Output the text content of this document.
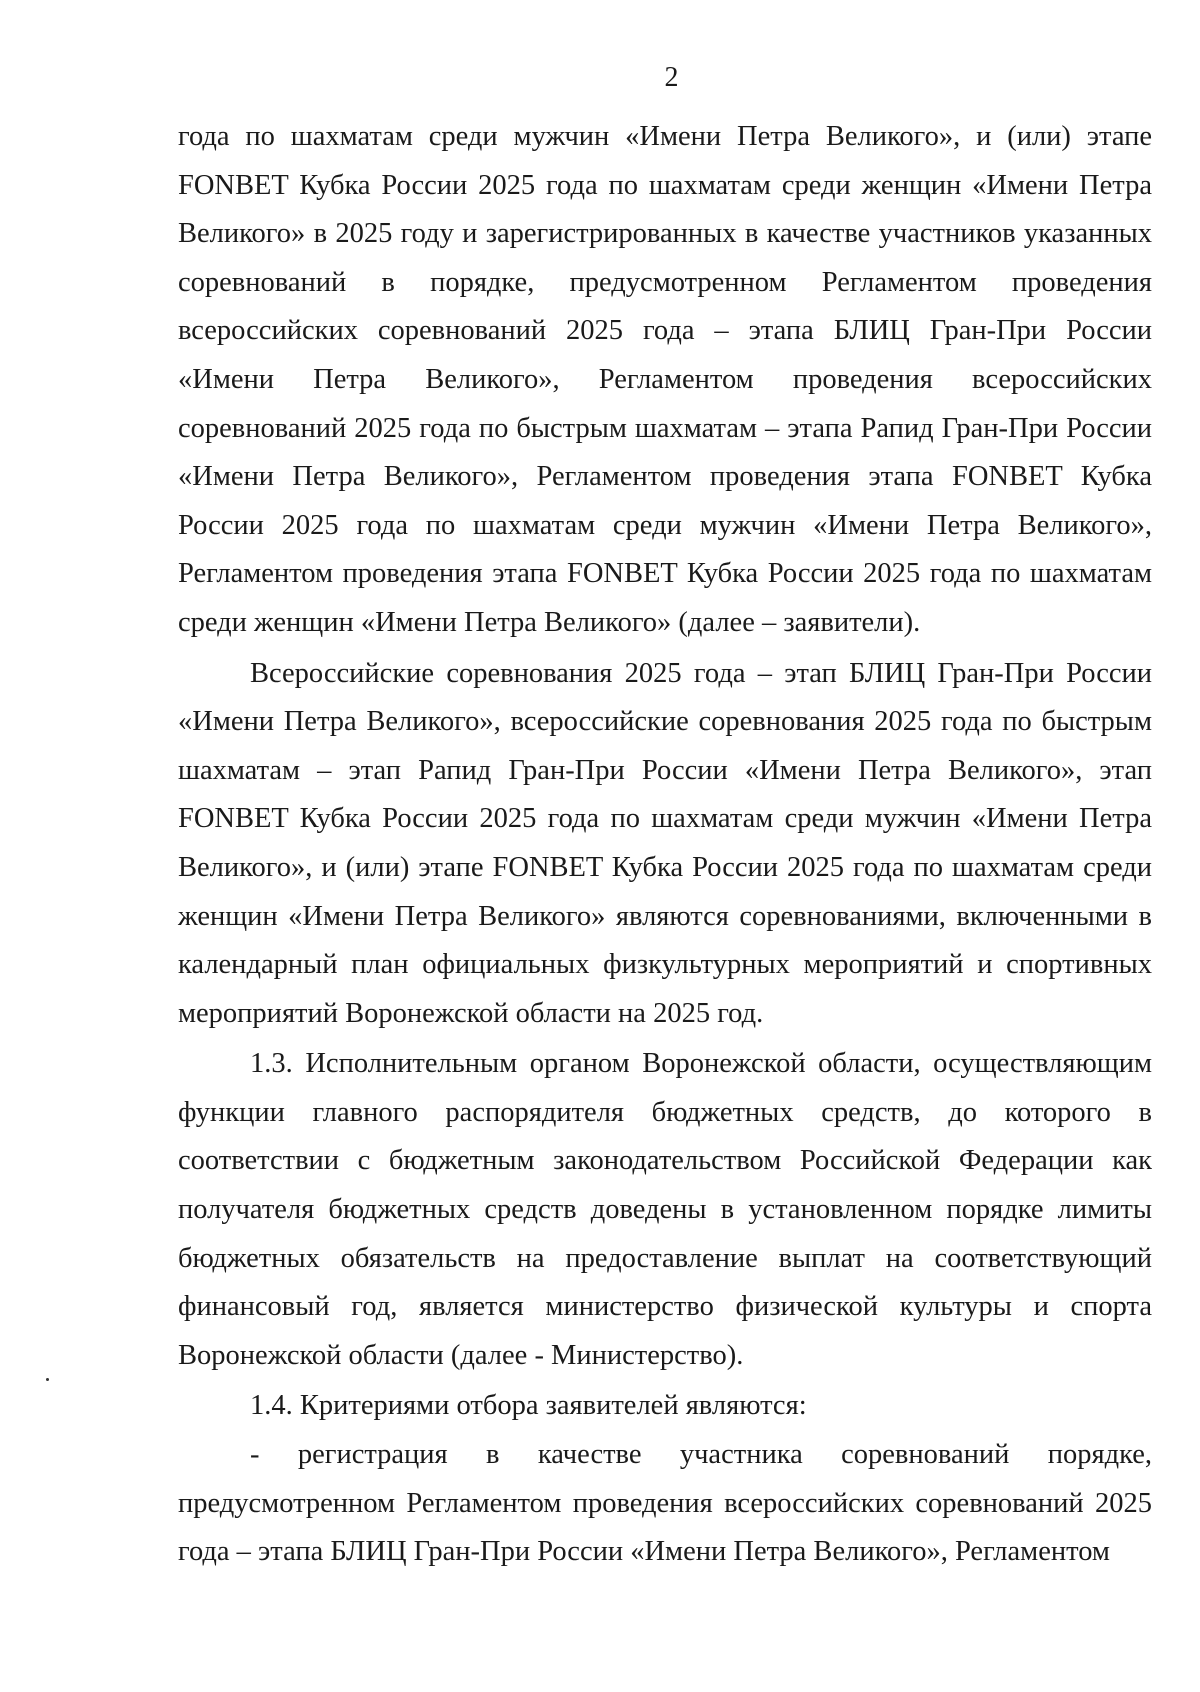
2

года по шахматам среди мужчин «Имени Петра Великого», и (или) этапе FONBET Кубка России 2025 года по шахматам среди женщин «Имени Петра Великого» в 2025 году и зарегистрированных в качестве участников указанных соревнований в порядке, предусмотренном Регламентом проведения всероссийских соревнований 2025 года – этапа БЛИЦ Гран-При России «Имени Петра Великого», Регламентом проведения всероссийских соревнований 2025 года по быстрым шахматам – этапа Рапид Гран-При России «Имени Петра Великого», Регламентом проведения этапа FONBET Кубка России 2025 года по шахматам среди мужчин «Имени Петра Великого», Регламентом проведения этапа FONBET Кубка России 2025 года по шахматам среди женщин «Имени Петра Великого» (далее – заявители).

Всероссийские соревнования 2025 года – этап БЛИЦ Гран-При России «Имени Петра Великого», всероссийские соревнования 2025 года по быстрым шахматам – этап Рапид Гран-При России «Имени Петра Великого», этап FONBET Кубка России 2025 года по шахматам среди мужчин «Имени Петра Великого», и (или) этапе FONBET Кубка России 2025 года по шахматам среди женщин «Имени Петра Великого» являются соревнованиями, включенными в календарный план официальных физкультурных мероприятий и спортивных мероприятий Воронежской области на 2025 год.

1.3. Исполнительным органом Воронежской области, осуществляющим функции главного распорядителя бюджетных средств, до которого в соответствии с бюджетным законодательством Российской Федерации как получателя бюджетных средств доведены в установленном порядке лимиты бюджетных обязательств на предоставление выплат на соответствующий финансовый год, является министерство физической культуры и спорта Воронежской области (далее - Министерство).

1.4. Критериями отбора заявителей являются:

- регистрация в качестве участника соревнований порядке, предусмотренном Регламентом проведения всероссийских соревнований 2025 года – этапа БЛИЦ Гран-При России «Имени Петра Великого», Регламентом
